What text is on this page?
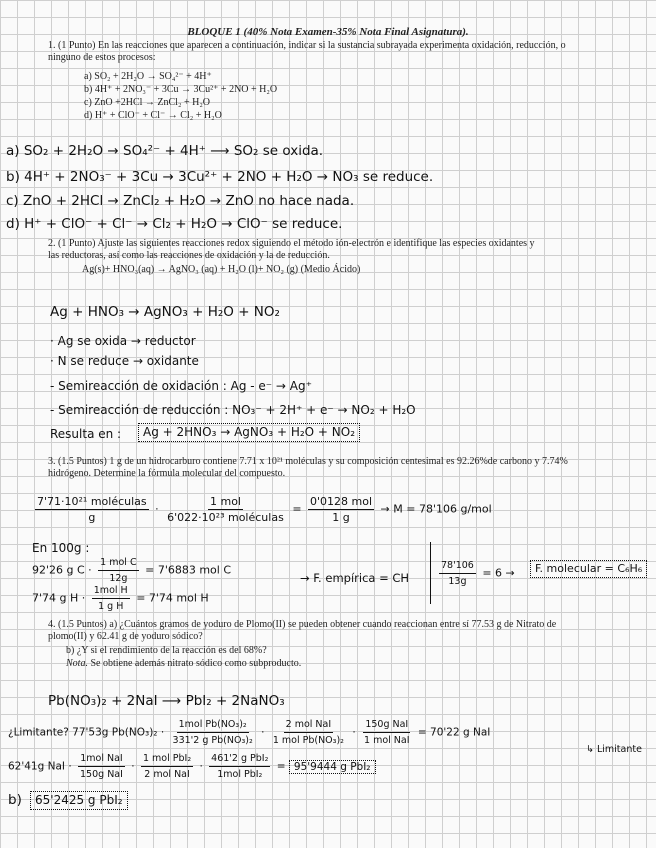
BLOQUE 1 (40% Nota Examen-35% Nota Final Asignatura).
1. (1 Punto) En las reacciones que aparecen a continuación, indicar si la sustancia subrayada experimenta oxidación, reducción, o ninguno de estos procesos:
a) SO₂ + 2H₂O → SO₄²⁻ + 4H⁺
b) 4H⁺ + 2NO₃⁻ + 3Cu → 3Cu²⁺ + 2NO + H₂O
c) ZnO +2HCl → ZnCl₂ + H₂O
d) H⁺ + ClO⁻ + Cl⁻ → Cl₂ + H₂O
a) SO₂ + 2H₂O → SO₄²⁻ + 4H⁺ ⟶ SO₂ se oxida.
b) 4H⁺ + 2NO₃⁻ + 3Cu → 3Cu²⁺ + 2NO + H₂O → NO₃ se reduce.
c) ZnO + 2HCl → ZnCl₂ + H₂O → ZnO no hace nada.
d) H⁺ + ClO⁻ + Cl⁻ → Cl₂ + H₂O → ClO⁻ se reduce.
2. (1 Punto) Ajuste las siguientes reacciones redox siguiendo el método ión-electrón e identifique las especies oxidantes y las reductoras, así como las reacciones de oxidación y la de reducción.
Ag(s)+ HNO₃(aq) → AgNO₃ (aq) + H₂O (l)+ NO₂ (g) (Medio Ácido)
Ag + HNO₃ → AgNO₃ + H₂O + NO₂
· Ag se oxida → reductor
· N se reduce → oxidante
- Semireacción de oxidación : Ag - e⁻ → Ag⁺
- Semireacción de reducción : NO₃⁻ + 2H⁺ + e⁻ → NO₂ + H₂O
Resulta en :	Ag + 2HNO₃ → AgNO₃ + H₂O + NO₂
3. (1.5 Puntos) 1 g de un hidrocarburo contiene 7.71 x 10²¹ moléculas y su composición centesimal es 92.26%de carbono y 7.74% hidrógeno. Determine la fórmula molecular del compuesto.
$\frac{\text{7'71·10²¹ moléculas}}{g} \cdot \frac{\text{1 mol}}{\text{6'022·10²³ moléculas}} = \frac{\text{0'0128 mol}}{1 g} \to M = 78'106$ g/mol
En 100g :
92'26 g $C \cdot \frac{\text{1 mol C}}{12g} = 7'6883$ mol C
7'74 g $H \cdot \frac{\text{1mol H}}{\text{1 g H}} = 7'74$ mol H
→ F. empírica = CH	$\frac{78'106}{13g} = 6$ →	F. molecular = C₆H₆
4. (1.5 Puntos) a) ¿Cuántos gramos de yoduro de Plomo(II) se pueden obtener cuando reaccionan entre sí 77.53 g de Nitrato de plomo(II) y 62.41 g de yoduro sódico?
b) ¿Y si el rendimiento de la reacción es del 68%?
Nota. Se obtiene además nitrato sódico como subproducto.
Pb(NO₃)₂ + 2NaI ⟶ PbI₂ + 2NaNO₃
¿Limitante? 77'53g $Pb(NO_3)_2 \cdot \frac{\text{1mol Pb(NO₃)₂}}{\text{331'2 g Pb(NO₃)₂}} \cdot \frac{\text{2 mol NaI}}{\text{1 mol Pb(NO₃)₂}} \cdot \frac{\text{150g NaI}}{\text{1 mol NaI}} = 70'22$ g NaI
↳ Limitante
62'41g NaI · $\frac{\text{1mol NaI}}{\text{150g NaI}} \cdot \frac{\text{1 mol PbI₂}}{\text{2 mol NaI}} \cdot \frac{\text{461'2 g PbI₂}}{\text{1mol PbI₂}} = 95'9444$ g PbI₂
b)	65'2425 g PbI₂
